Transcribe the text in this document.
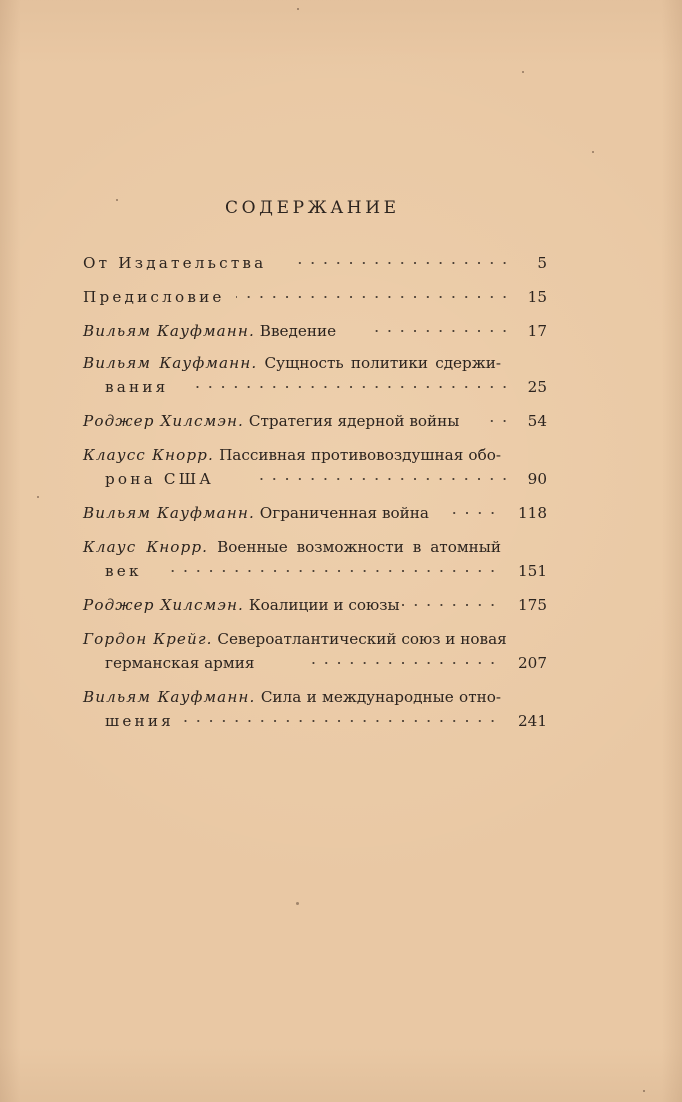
СОДЕРЖАНИЕ
От Издательства	5
Предисловие	15
Вильям Кауфманн. Введение	17
Вильям Кауфманн. Сущность политики сдержи-
вания	25
Роджер Хилсмэн. Стратегия ядерной войны	54
Клаусс Кнорр. Пассивная противовоздушная обо-
рона США	90
Вильям Кауфманн. Ограниченная война	118
Клаус Кнорр. Военные возможности в атомный
век	151
Роджер Хилсмэн. Коалиции и союзы	175
Гордон Крейг. Североатлантический союз и новая
германская армия	207
Вильям Кауфманн. Сила и международные отно-
шения	241
